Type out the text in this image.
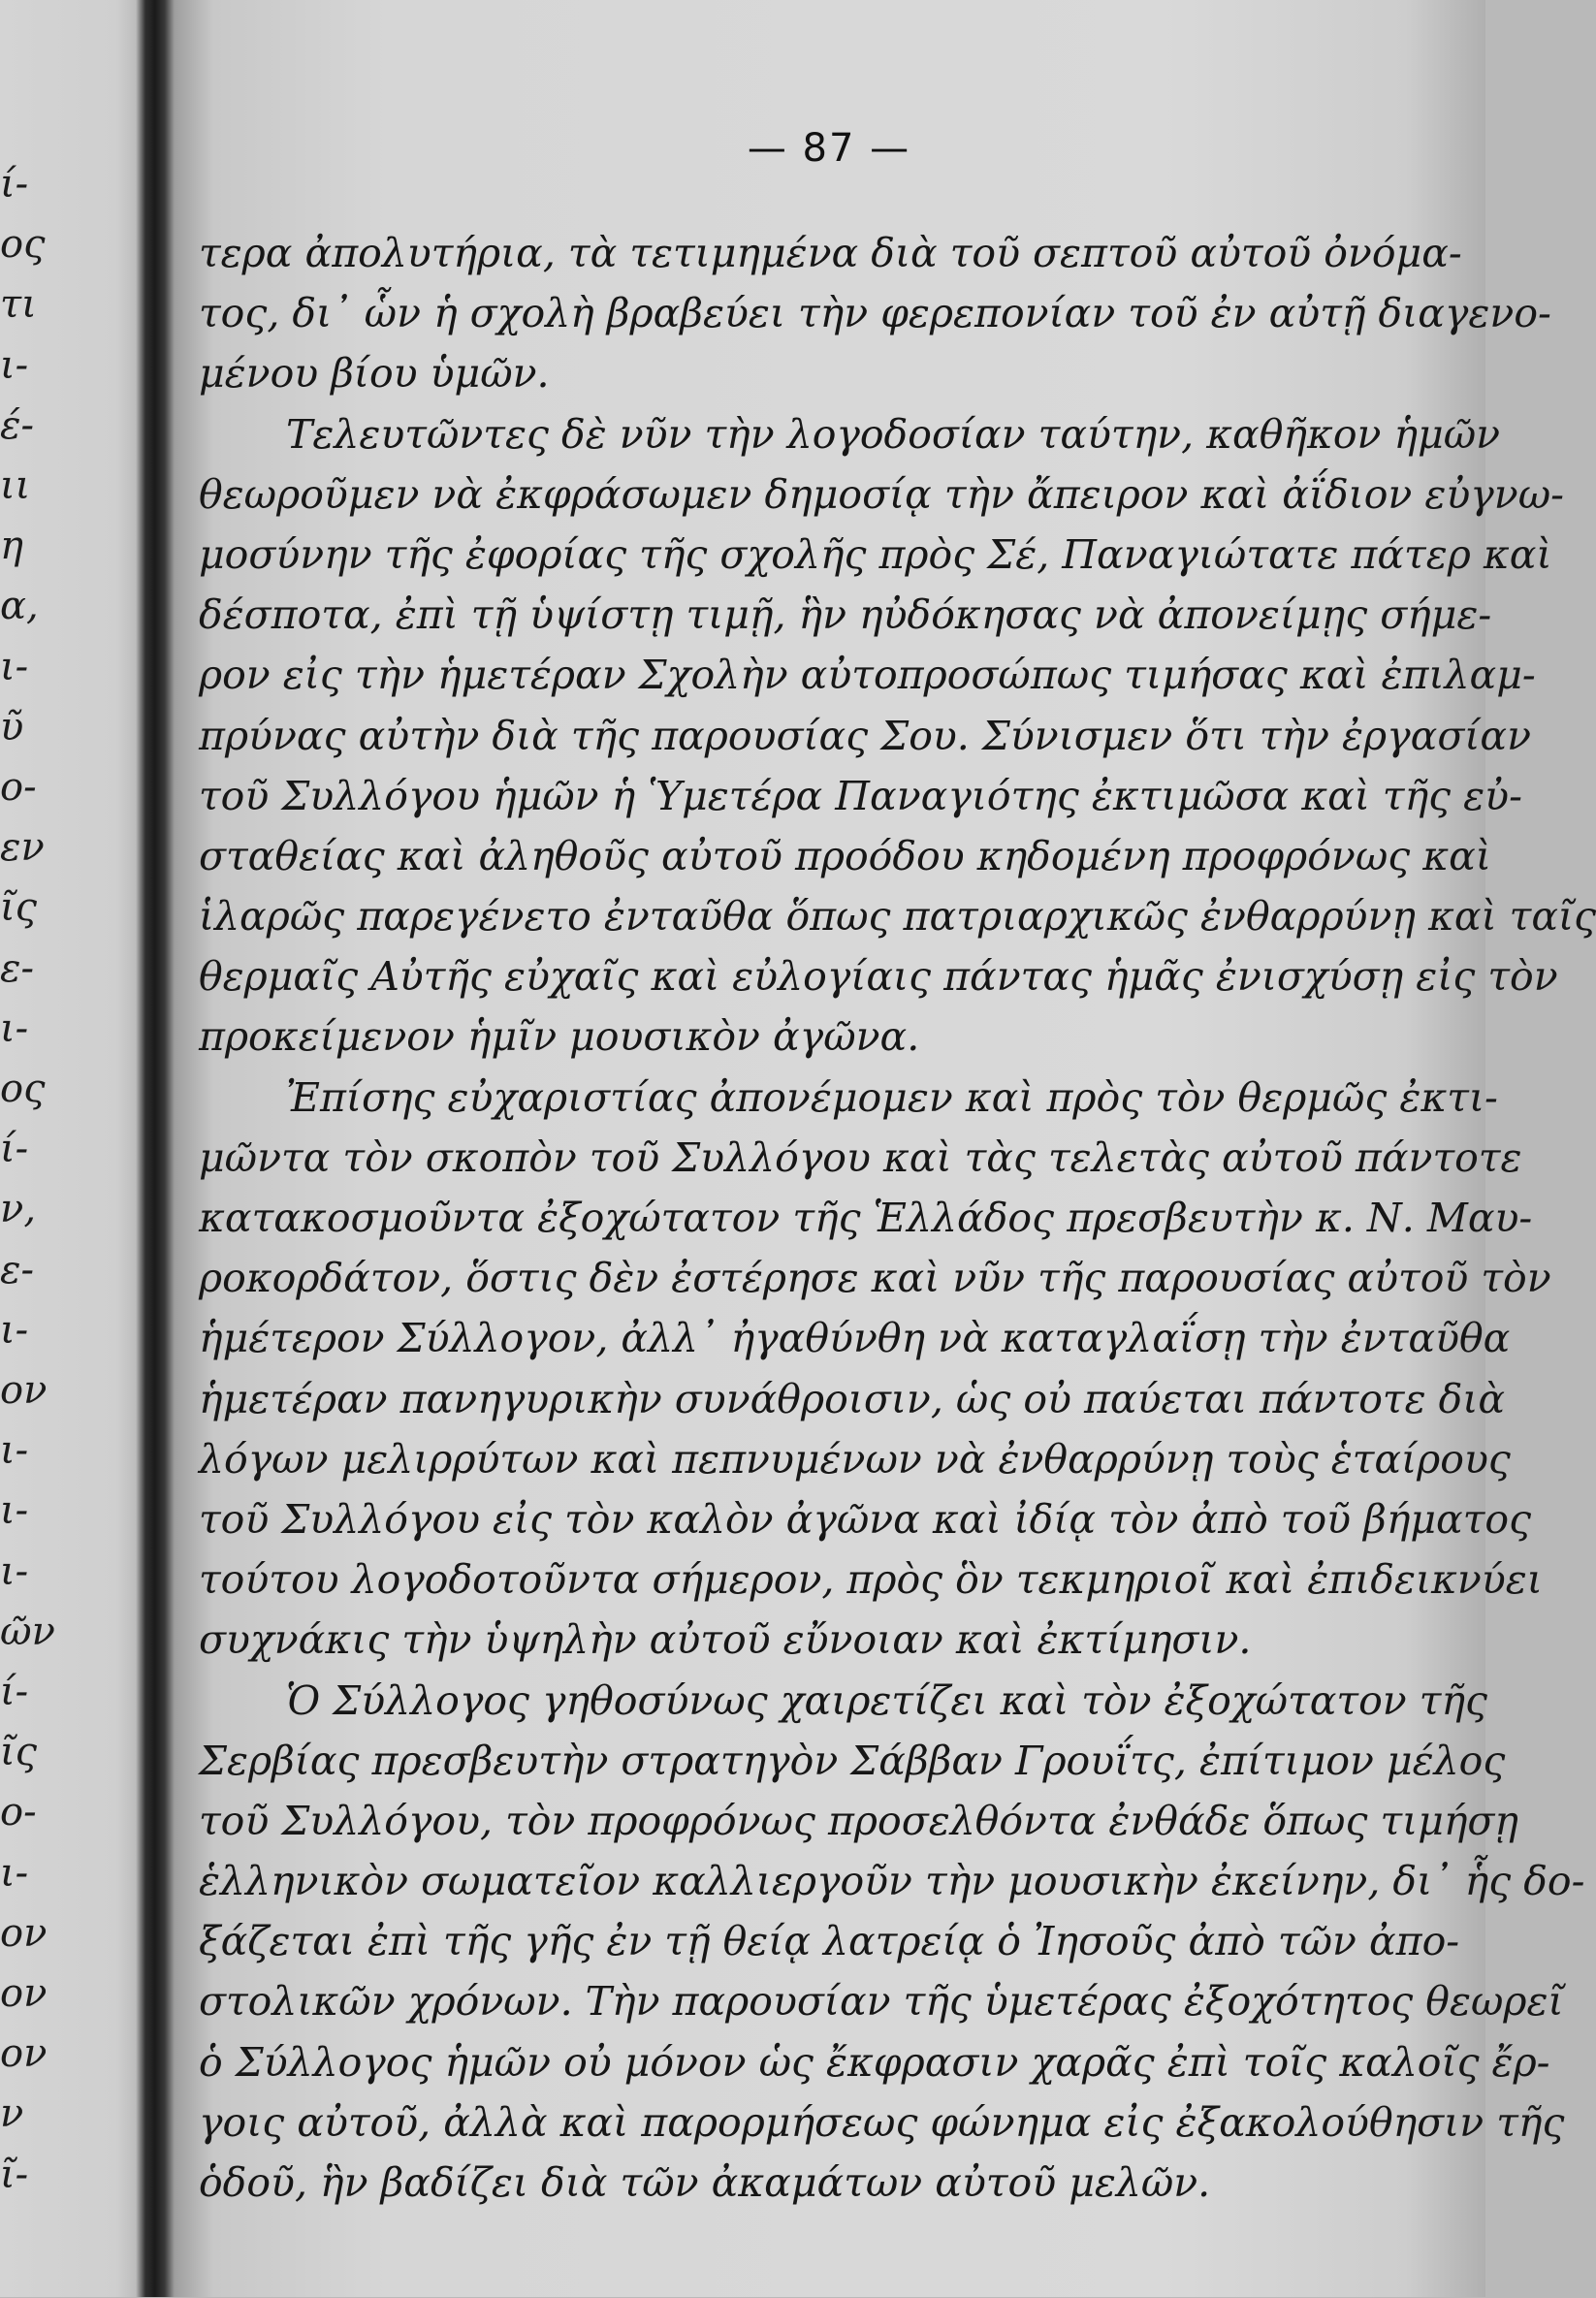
ί-
ος
τι
ι-
έ-
ιι
η
α,
ι-
ῦ
ο-
εν
ῖς
ε-
ι-
ος
ί-
ν,
ε-
ι-
ον
ι-
ι-
ι-
ῶν
ί-
ῖς
ο-
ι-
ον
ον
ον
ν
ῖ-
— 87 —
τερα ἀπολυτήρια, τὰ τετιμημένα διὰ τοῦ σεπτοῦ αὐτοῦ ὀνόμα-
τος, δι᾿ ὧν ἡ σχολὴ βραβεύει τὴν φερεπονίαν τοῦ ἐν αὐτῇ διαγενο-
μένου βίου ὑμῶν.
Τελευτῶντες δὲ νῦν τὴν λογοδοσίαν ταύτην, καθῆκον ἡμῶν
θεωροῦμεν νὰ ἐκφράσωμεν δημοσίᾳ τὴν ἄπειρον καὶ ἀΐδιον εὐγνω-
μοσύνην τῆς ἐφορίας τῆς σχολῆς πρὸς Σέ, Παναγιώτατε πάτερ καὶ
δέσποτα, ἐπὶ τῇ ὑψίστῃ τιμῇ, ἣν ηὐδόκησας νὰ ἀπονείμῃς σήμε-
ρον εἰς τὴν ἡμετέραν Σχολὴν αὐτοπροσώπως τιμήσας καὶ ἐπιλαμ-
πρύνας αὐτὴν διὰ τῆς παρουσίας Σου. Σύνισμεν ὅτι τὴν ἐργασίαν
τοῦ Συλλόγου ἡμῶν ἡ Ὑμετέρα Παναγιότης ἐκτιμῶσα καὶ τῆς εὐ-
σταθείας καὶ ἀληθοῦς αὐτοῦ προόδου κηδομένη προφρόνως καὶ
ἱλαρῶς παρεγένετο ἐνταῦθα ὅπως πατριαρχικῶς ἐνθαρρύνῃ καὶ ταῖς
θερμαῖς Αὐτῆς εὐχαῖς καὶ εὐλογίαις πάντας ἡμᾶς ἐνισχύσῃ εἰς τὸν
προκείμενον ἡμῖν μουσικὸν ἀγῶνα.
Ἐπίσης εὐχαριστίας ἀπονέμομεν καὶ πρὸς τὸν θερμῶς ἐκτι-
μῶντα τὸν σκοπὸν τοῦ Συλλόγου καὶ τὰς τελετὰς αὐτοῦ πάντοτε
κατακοσμοῦντα ἐξοχώτατον τῆς Ἑλλάδος πρεσβευτὴν κ. Ν. Μαυ-
ροκορδάτον, ὅστις δὲν ἐστέρησε καὶ νῦν τῆς παρουσίας αὐτοῦ τὸν
ἡμέτερον Σύλλογον, ἀλλ᾿ ἠγαθύνθη νὰ καταγλαΐσῃ τὴν ἐνταῦθα
ἡμετέραν πανηγυρικὴν συνάθροισιν, ὡς οὐ παύεται πάντοτε διὰ
λόγων μελιρρύτων καὶ πεπνυμένων νὰ ἐνθαρρύνῃ τοὺς ἑταίρους
τοῦ Συλλόγου εἰς τὸν καλὸν ἀγῶνα καὶ ἰδίᾳ τὸν ἀπὸ τοῦ βήματος
τούτου λογοδοτοῦντα σήμερον, πρὸς ὃν τεκμηριοῖ καὶ ἐπιδεικνύει
συχνάκις τὴν ὑψηλὴν αὐτοῦ εὔνοιαν καὶ ἐκτίμησιν.
Ὁ Σύλλογος γηθοσύνως χαιρετίζει καὶ τὸν ἐξοχώτατον τῆς
Σερβίας πρεσβευτὴν στρατηγὸν Σάββαν Γρουΐτς, ἐπίτιμον μέλος
τοῦ Συλλόγου, τὸν προφρόνως προσελθόντα ἐνθάδε ὅπως τιμήσῃ
ἑλληνικὸν σωματεῖον καλλιεργοῦν τὴν μουσικὴν ἐκείνην, δι᾿ ἧς δο-
ξάζεται ἐπὶ τῆς γῆς ἐν τῇ θείᾳ λατρείᾳ ὁ Ἰησοῦς ἀπὸ τῶν ἀπο-
στολικῶν χρόνων. Τὴν παρουσίαν τῆς ὑμετέρας ἐξοχότητος θεωρεῖ
ὁ Σύλλογος ἡμῶν οὐ μόνον ὡς ἔκφρασιν χαρᾶς ἐπὶ τοῖς καλοῖς ἔρ-
γοις αὐτοῦ, ἀλλὰ καὶ παρορμήσεως φώνημα εἰς ἐξακολούθησιν τῆς
ὁδοῦ, ἣν βαδίζει διὰ τῶν ἀκαμάτων αὐτοῦ μελῶν.
